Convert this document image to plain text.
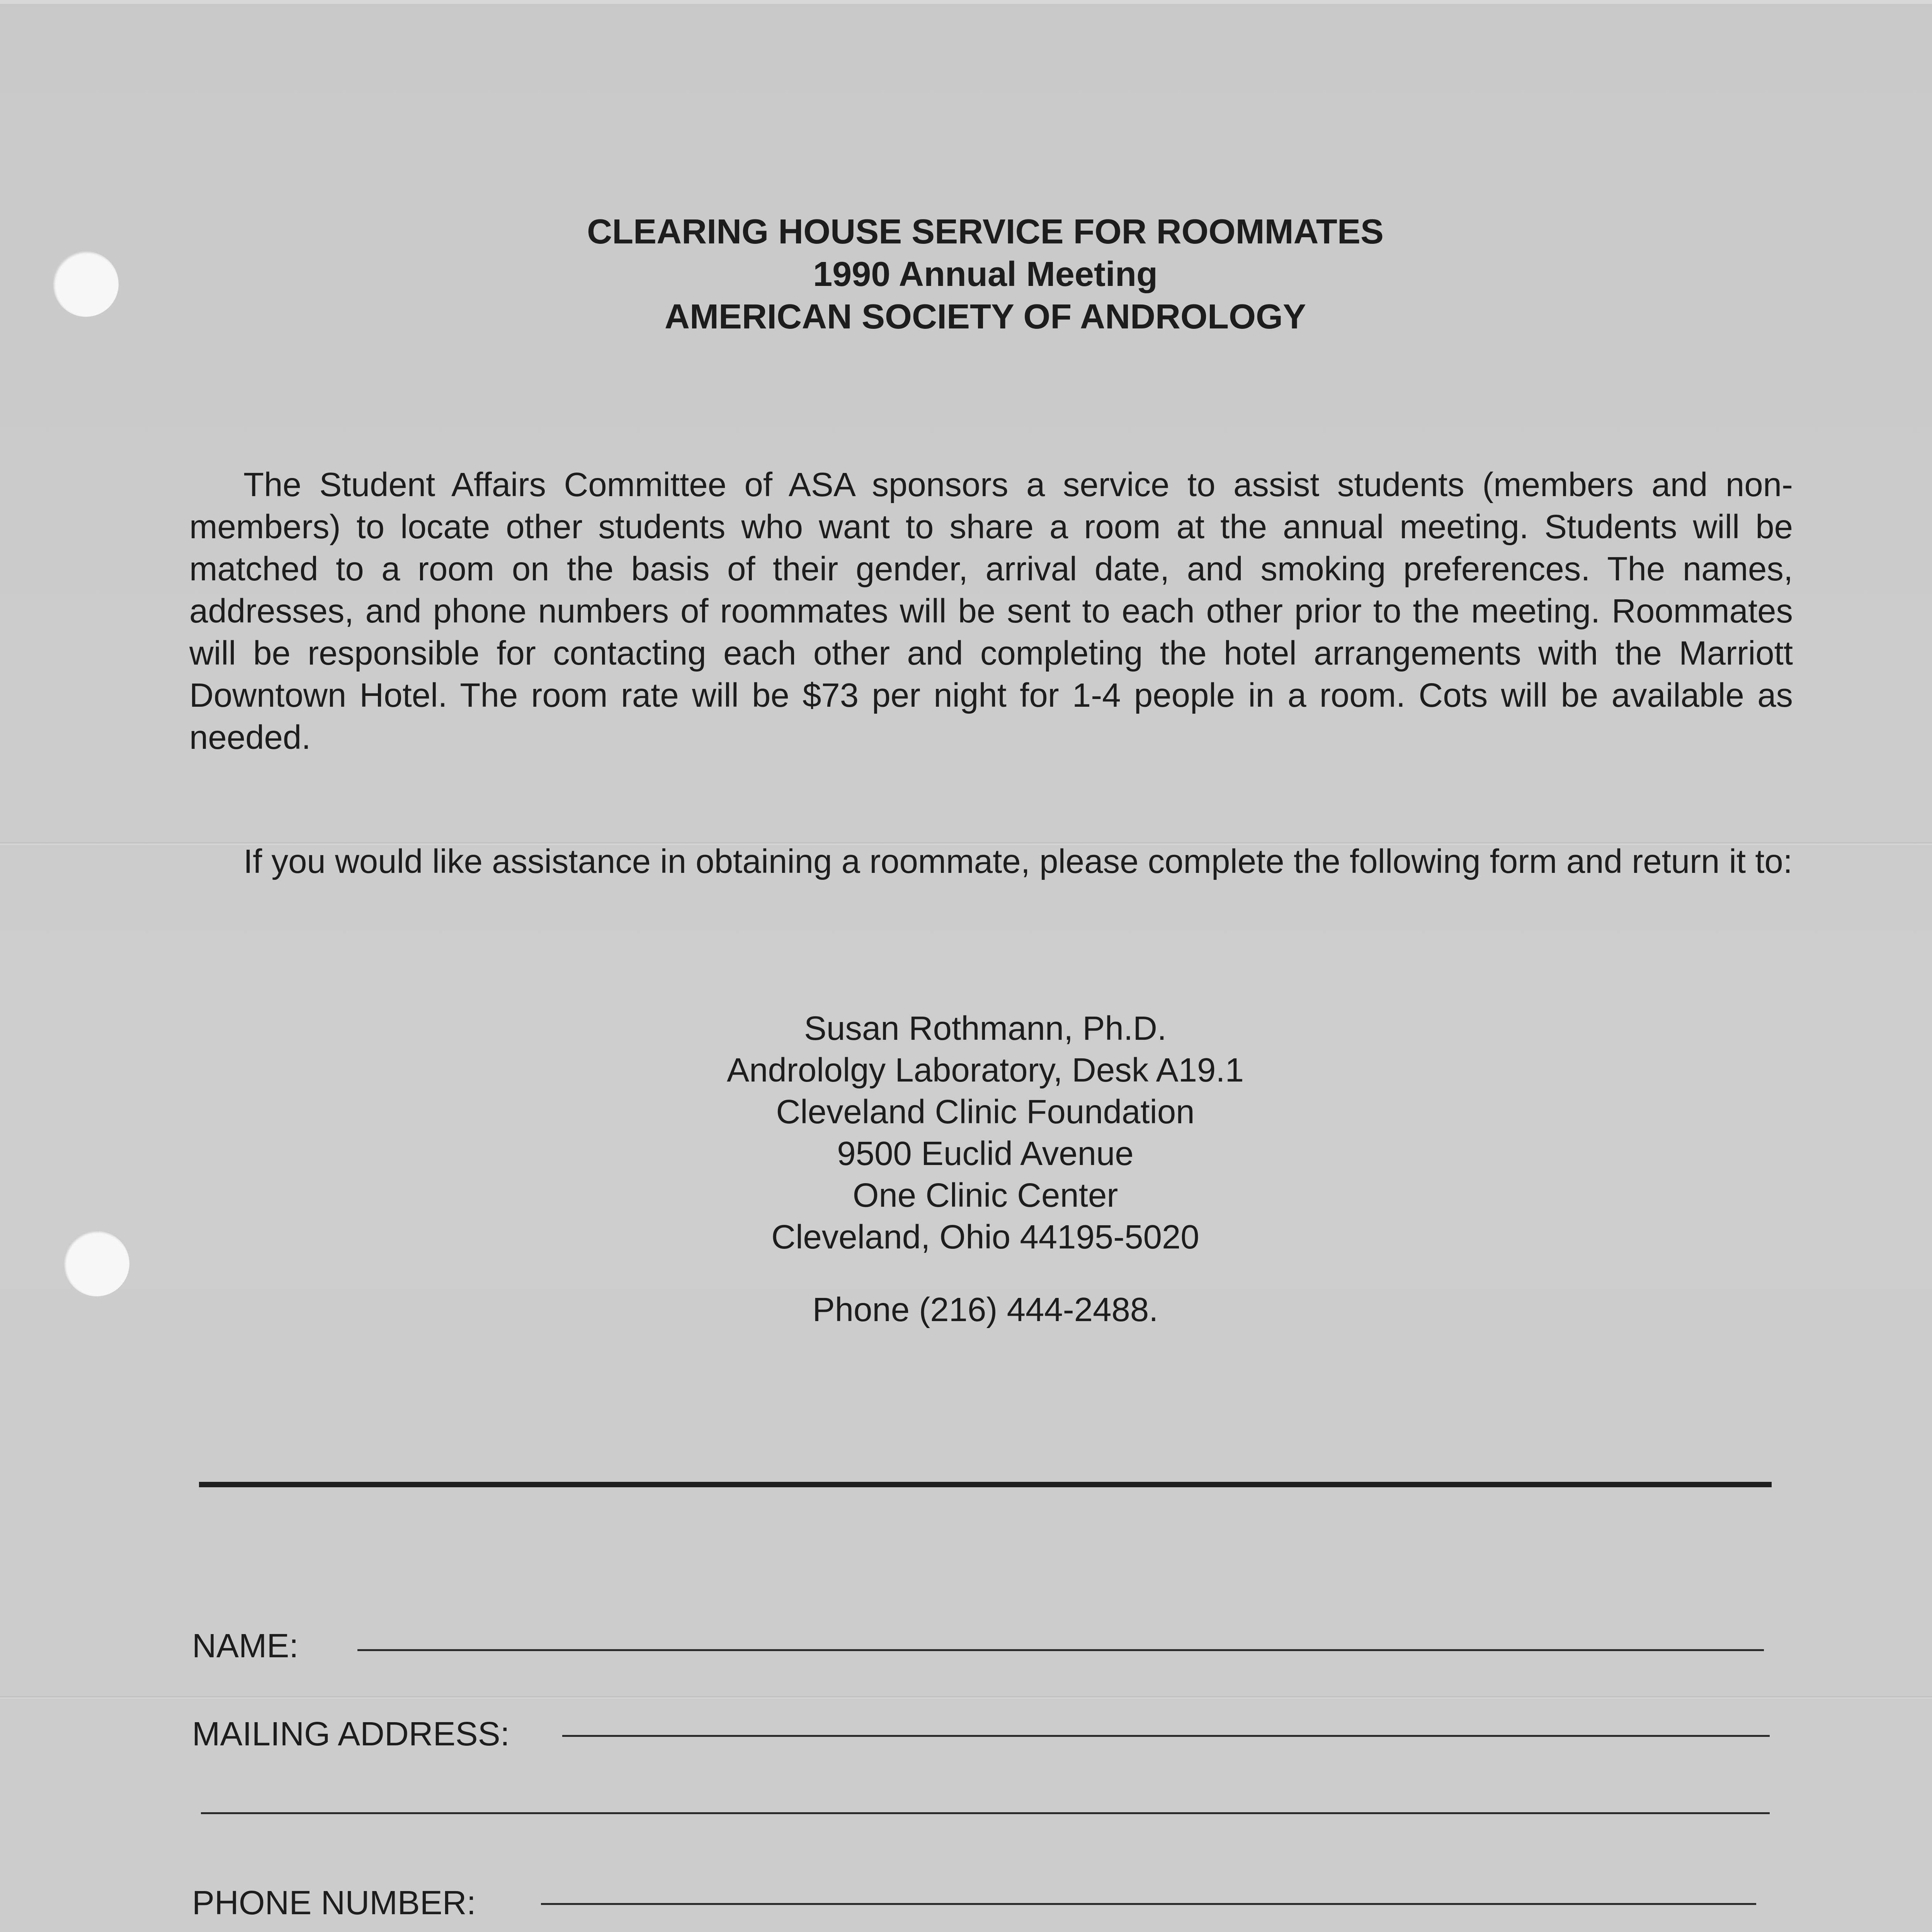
CLEARING HOUSE SERVICE FOR ROOMMATES
1990 Annual Meeting
AMERICAN SOCIETY OF ANDROLOGY
The Student Affairs Committee of ASA sponsors a service to assist students (members and non-members) to locate other students who want to share a room at the annual meeting. Students will be matched to a room on the basis of their gender, arrival date, and smoking preferences. The names, addresses, and phone numbers of roommates will be sent to each other prior to the meeting. Roommates will be responsible for contacting each other and completing the hotel arrangements with the Marriott Downtown Hotel. The room rate will be $73 per night for 1-4 people in a room. Cots will be available as needed.
If you would like assistance in obtaining a roommate, please complete the following form and return it to:
Susan Rothmann, Ph.D.
Andrololgy Laboratory, Desk A19.1
Cleveland Clinic Foundation
9500 Euclid Avenue
One Clinic Center
Cleveland, Ohio 44195-5020
Phone (216) 444-2488.
NAME:
MAILING ADDRESS:
PHONE NUMBER:
